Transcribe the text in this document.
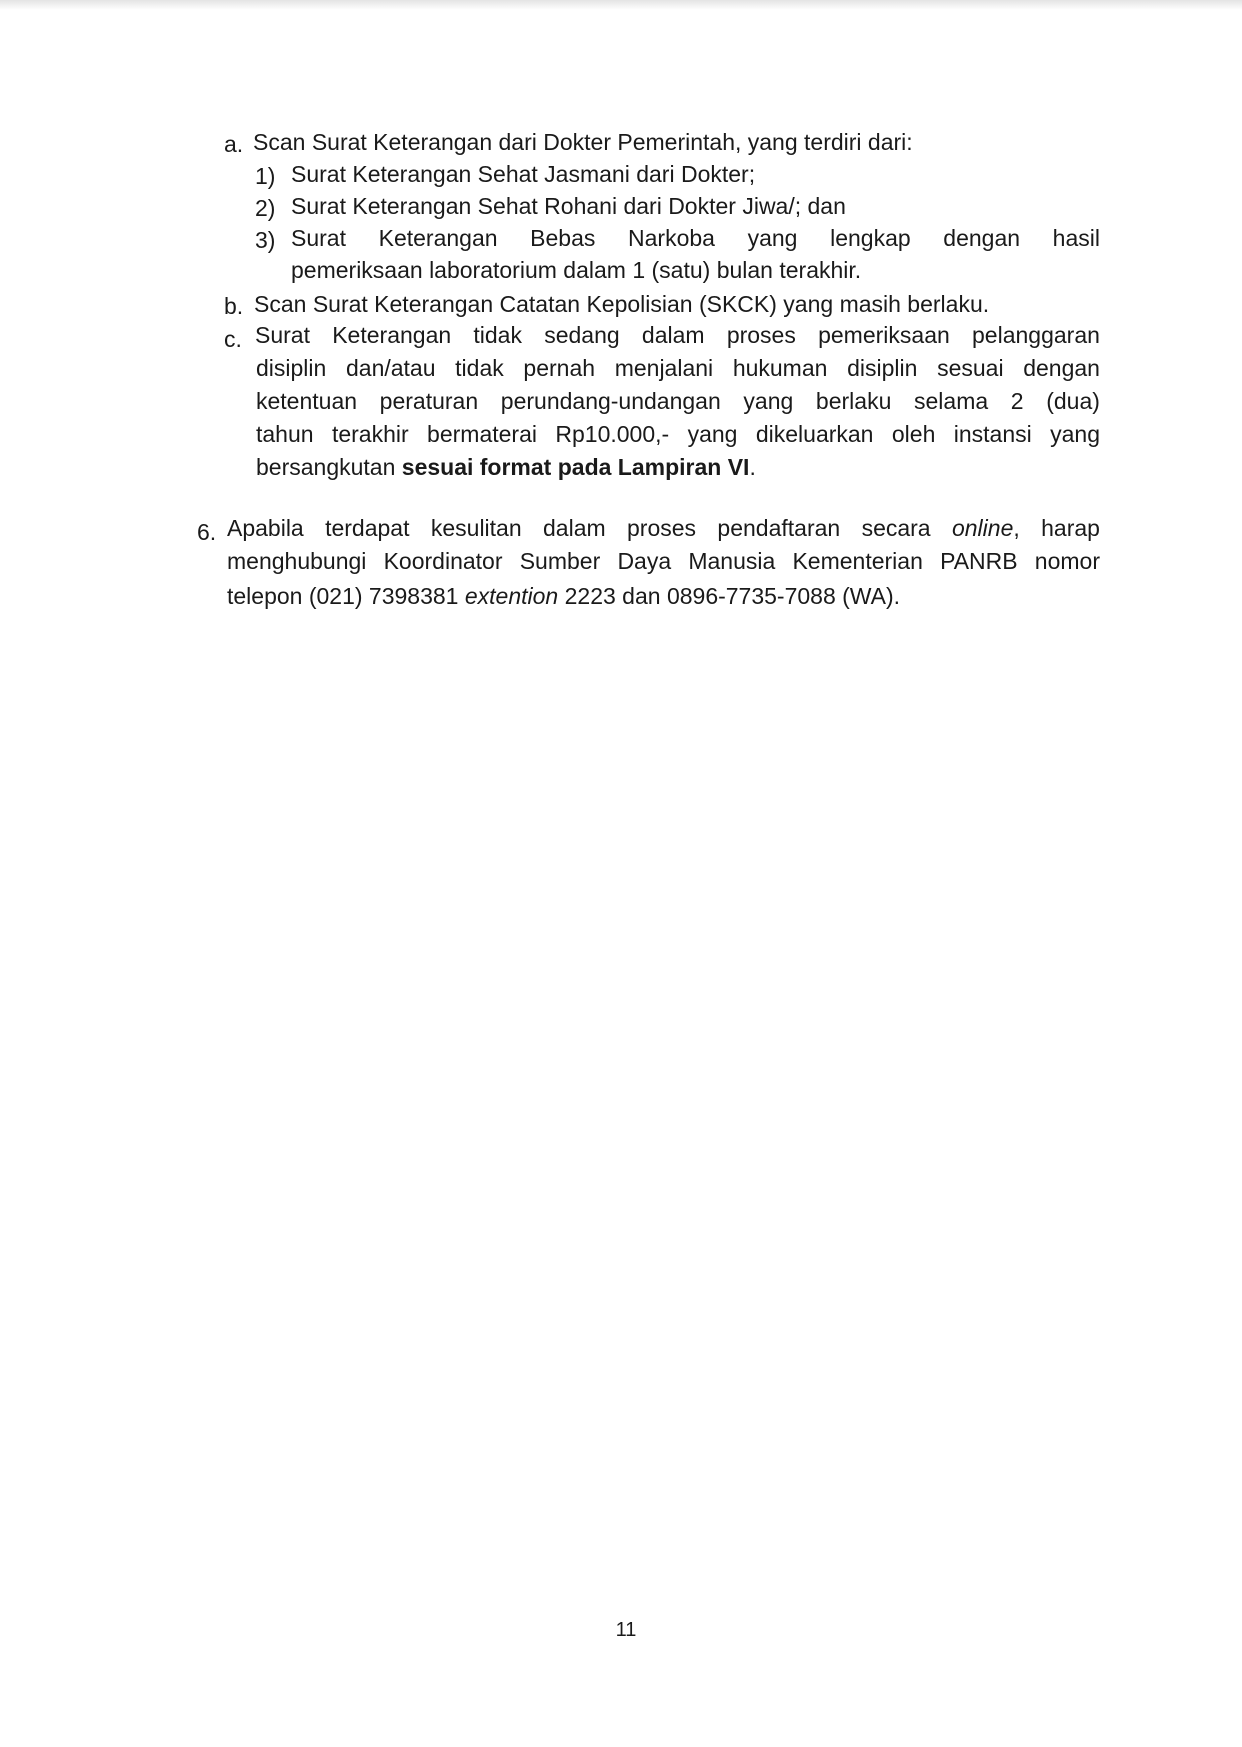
a. Scan Surat Keterangan dari Dokter Pemerintah, yang terdiri dari:
1) Surat Keterangan Sehat Jasmani dari Dokter;
2) Surat Keterangan Sehat Rohani dari Dokter Jiwa/; dan
3) Surat Keterangan Bebas Narkoba yang lengkap dengan hasil
pemeriksaan laboratorium dalam 1 (satu) bulan terakhir.
b. Scan Surat Keterangan Catatan Kepolisian (SKCK) yang masih berlaku.
c. Surat Keterangan tidak sedang dalam proses pemeriksaan pelanggaran
disiplin dan/atau tidak pernah menjalani hukuman disiplin sesuai dengan
ketentuan peraturan perundang-undangan yang berlaku selama 2 (dua)
tahun terakhir bermaterai Rp10.000,- yang dikeluarkan oleh instansi yang
bersangkutan sesuai format pada Lampiran VI.
6. Apabila terdapat kesulitan dalam proses pendaftaran secara online, harap
menghubungi Koordinator Sumber Daya Manusia Kementerian PANRB nomor
telepon (021) 7398381 extention 2223 dan 0896-7735-7088 (WA).
11
